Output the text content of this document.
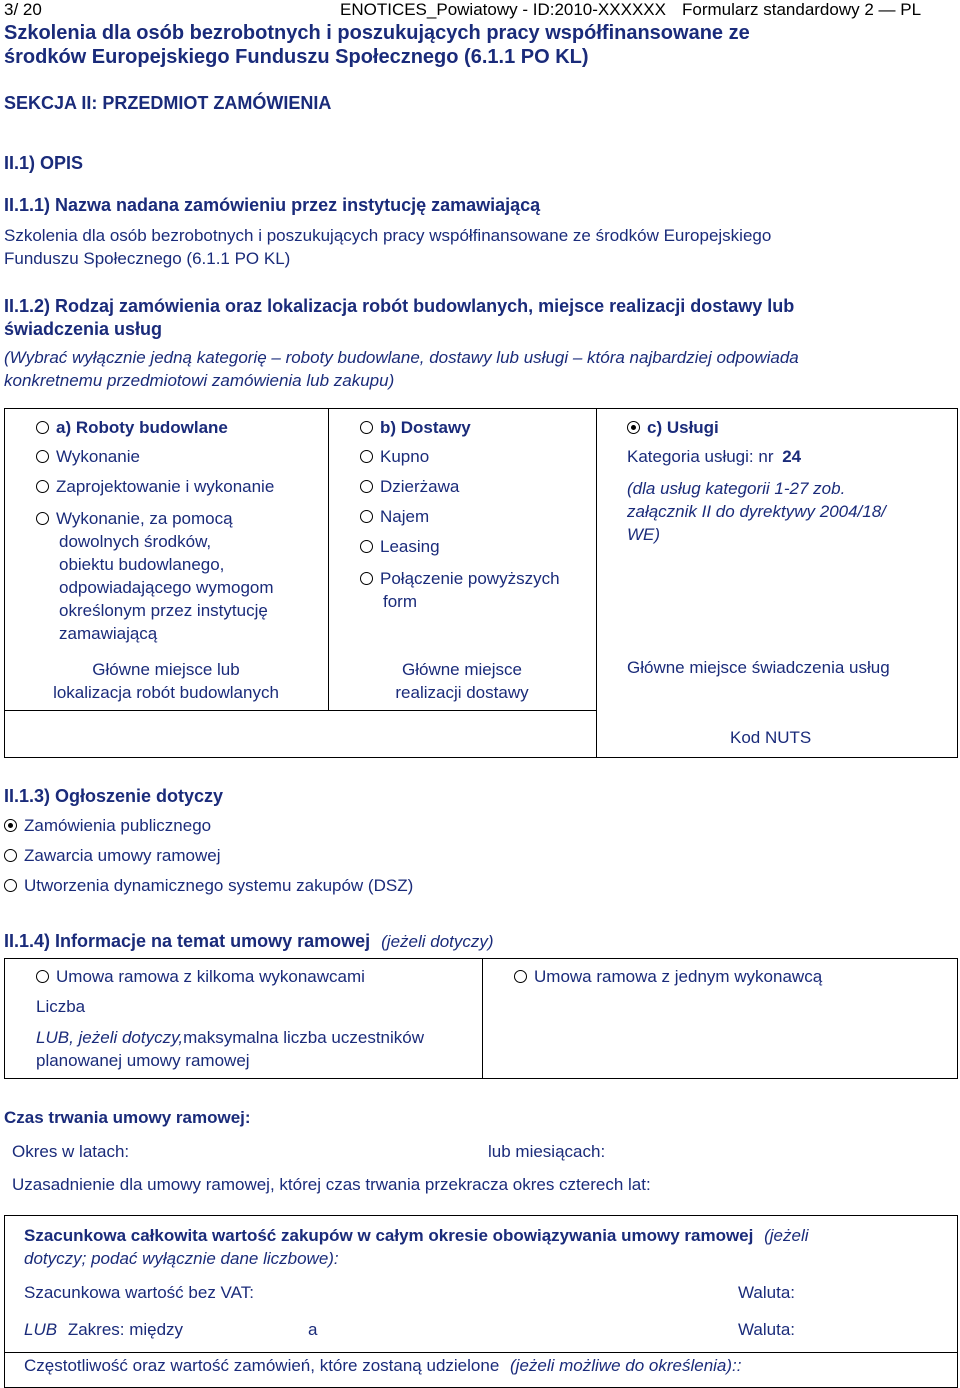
3/ 20	ENOTICES_Powiatowy - ID:2010-XXXXXX Formularz standardowy 2 — PL
Szkolenia dla osób bezrobotnych i poszukujących pracy współfinansowane ze
środków Europejskiego Funduszu Społecznego (6.1.1 PO KL)
SEKCJA II: PRZEDMIOT ZAMÓWIENIA
II.1) OPIS
II.1.1) Nazwa nadana zamówieniu przez instytucję zamawiającą
Szkolenia dla osób bezrobotnych i poszukujących pracy współfinansowane ze środków Europejskiego
Funduszu Społecznego (6.1.1 PO KL)
II.1.2) Rodzaj zamówienia oraz lokalizacja robót budowlanych, miejsce realizacji dostawy lub
świadczenia usług
(Wybrać wyłącznie jedną kategorię – roboty budowlane, dostawy lub usługi – która najbardziej odpowiada
konkretnemu przedmiotowi zamówienia lub zakupu)
a) Roboty budowlane
Wykonanie
Zaprojektowanie i wykonanie
Wykonanie, za pomocą
dowolnych środków,
obiektu budowlanego,
odpowiadającego wymogom
określonym przez instytucję
zamawiającą
Główne miejsce lub
lokalizacja robót budowlanych
b) Dostawy
Kupno
Dzierżawa
Najem
Leasing
Połączenie powyższych
form
Główne miejsce
realizacji dostawy
c) Usługi
Kategoria usługi: nr 24
(dla usług kategorii 1-27 zob.
załącznik II do dyrektywy 2004/18/
WE)
Główne miejsce świadczenia usług
Kod NUTS
II.1.3) Ogłoszenie dotyczy
Zamówienia publicznego
Zawarcia umowy ramowej
Utworzenia dynamicznego systemu zakupów (DSZ)
II.1.4) Informacje na temat umowy ramowej (jeżeli dotyczy)
Umowa ramowa z kilkoma wykonawcami
Liczba
LUB, jeżeli dotyczy,maksymalna liczba uczestników
planowanej umowy ramowej
Umowa ramowa z jednym wykonawcą
Czas trwania umowy ramowej:
Okres w latach:	lub miesiącach:
Uzasadnienie dla umowy ramowej, której czas trwania przekracza okres czterech lat:
Szacunkowa całkowita wartość zakupów w całym okresie obowiązywania umowy ramowej (jeżeli
dotyczy; podać wyłącznie dane liczbowe):
Szacunkowa wartość bez VAT:	Waluta:
LUB Zakres: między	a	Waluta:
Częstotliwość oraz wartość zamówień, które zostaną udzielone (jeżeli możliwe do określenia)::
